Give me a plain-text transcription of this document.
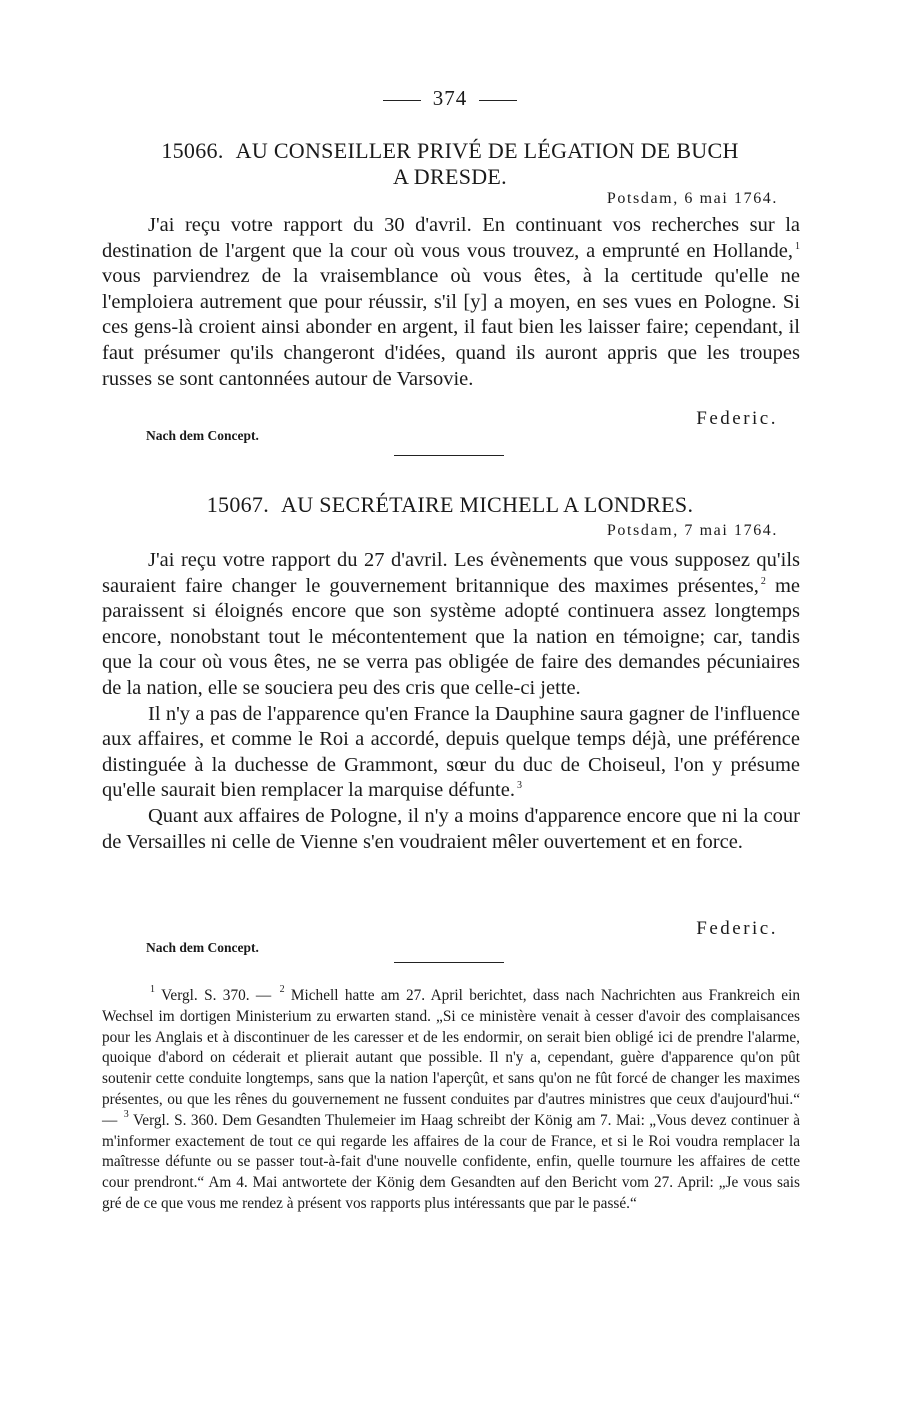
374
15066. AU CONSEILLER PRIVÉ DE LÉGATION DE BUCH
A DRESDE.
Potsdam, 6 mai 1764.

J'ai reçu votre rapport du 30 d'avril. En continuant vos recherches sur la destination de l'argent que la cour où vous vous trouvez, a emprunté en Hollande, $^1$ vous parviendrez de la vraisemblance où vous êtes, à la certitude qu'elle ne l'emploiera autrement que pour réussir, s'il [y] a moyen, en ses vues en Pologne. Si ces gens-là croient ainsi abonder en argent, il faut bien les laisser faire; cependant, il faut présumer qu'ils changeront d'idées, quand ils auront appris que les troupes russes se sont cantonnées autour de Varsovie.

Federic.
Nach dem Concept.
15067. AU SECRÉTAIRE MICHELL A LONDRES.
Potsdam, 7 mai 1764.

J'ai reçu votre rapport du 27 d'avril. Les évènements que vous supposez qu'ils sauraient faire changer le gouvernement britannique des maximes présentes, $^2$ me paraissent si éloignés encore que son système adopté continuera assez longtemps encore, nonobstant tout le mécontentement que la nation en témoigne; car, tandis que la cour où vous êtes, ne se verra pas obligée de faire des demandes pécuniaires de la nation, elle se souciera peu des cris que celle-ci jette.

Il n'y a pas de l'apparence qu'en France la Dauphine saura gagner de l'influence aux affaires, et comme le Roi a accordé, depuis quelque temps déjà, une préférence distinguée à la duchesse de Grammont, sœur du duc de Choiseul, l'on y présume qu'elle saurait bien remplacer la marquise défunte. $^3$

Quant aux affaires de Pologne, il n'y a moins d'apparence encore que ni la cour de Versailles ni celle de Vienne s'en voudraient mêler ouvertement et en force.

Federic.
Nach dem Concept.

$^1$ Vergl. S. 370. — $^2$ Michell hatte am 27. April berichtet, dass nach Nachrichten aus Frankreich ein Wechsel im dortigen Ministerium zu erwarten stand. „Si ce ministère venait à cesser d'avoir des complaisances pour les Anglais et à discontinuer de les caresser et de les endormir, on serait bien obligé ici de prendre l'alarme, quoique d'abord on céderait et plierait autant que possible. Il n'y a, cependant, guère d'apparence qu'on pût soutenir cette conduite longtemps, sans que la nation l'aperçût, et sans qu'on ne fût forcé de changer les maximes présentes, ou que les rênes du gouvernement ne fussent conduites par d'autres ministres que ceux d'aujourd'hui.“ — $^3$ Vergl. S. 360. Dem Gesandten Thulemeier im Haag schreibt der König am 7. Mai: „Vous devez continuer à m'informer exactement de tout ce qui regarde les affaires de la cour de France, et si le Roi voudra remplacer la maîtresse défunte ou se passer tout-à-fait d'une nouvelle confidente, enfin, quelle tournure les affaires de cette cour prendront.“ Am 4. Mai antwortete der König dem Gesandten auf den Bericht vom 27. April: „Je vous sais gré de ce que vous me rendez à présent vos rapports plus intéressants que par le passé.“
